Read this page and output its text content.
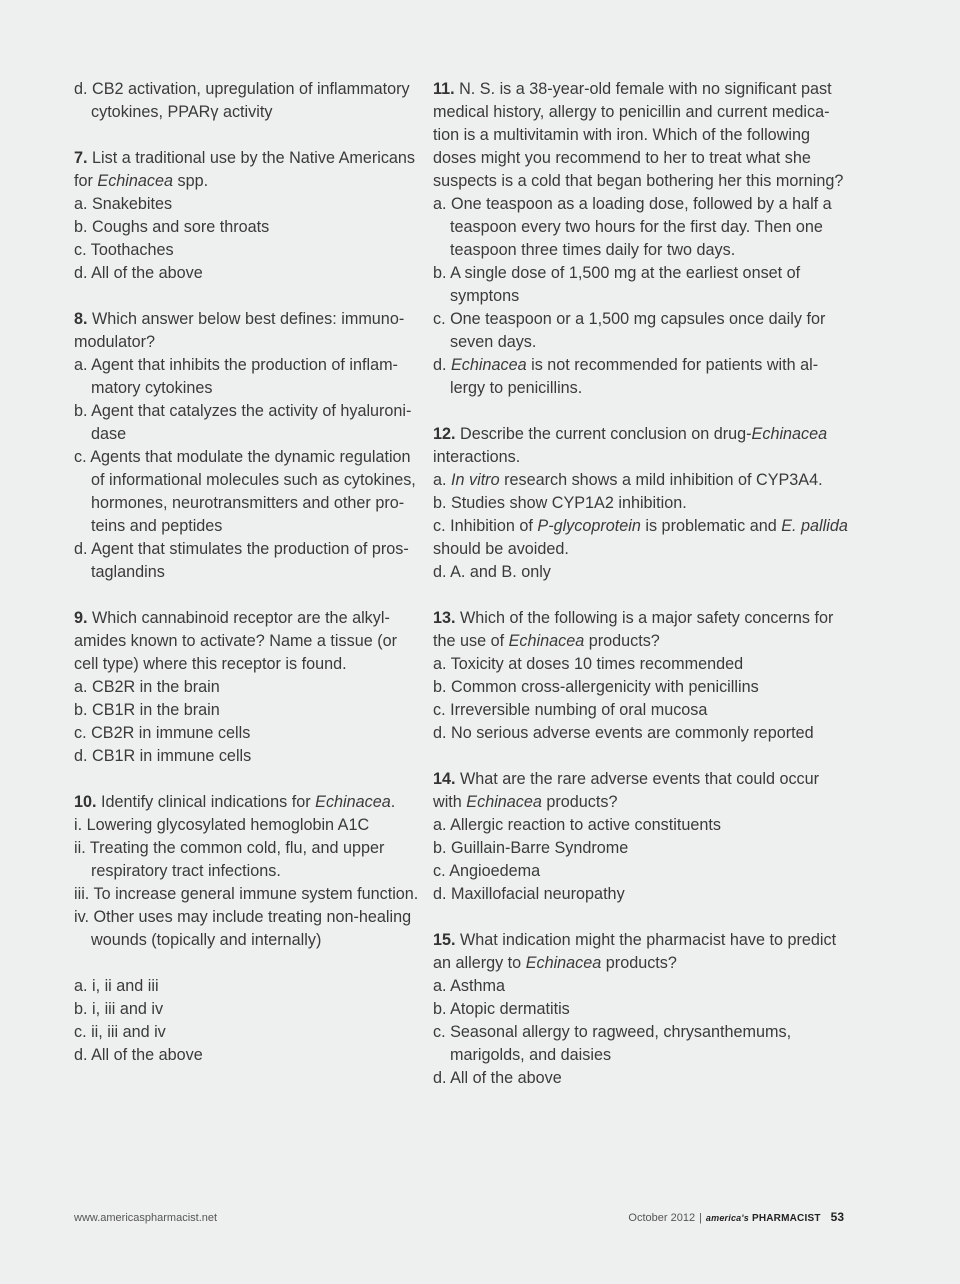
d. CB2 activation, upregulation of inflammatory
cytokines, PPARγ activity
7. List a traditional use by the Native Americans
for Echinacea spp.
a. Snakebites
b. Coughs and sore throats
c. Toothaches
d. All of the above
8. Which answer below best defines: immuno-
modulator?
a. Agent that inhibits the production of inflam-
matory cytokines
b. Agent that catalyzes the activity of hyaluroni-
dase
c. Agents that modulate the dynamic regulation
of informational molecules such as cytokines,
hormones, neurotransmitters and other pro-
teins and peptides
d. Agent that stimulates the production of pros-
taglandins
9. Which cannabinoid receptor are the alkyl-
amides known to activate? Name a tissue (or
cell type) where this receptor is found.
a. CB2R in the brain
b. CB1R in the brain
c. CB2R in immune cells
d. CB1R in immune cells
10. Identify clinical indications for Echinacea.
i. Lowering glycosylated hemoglobin A1C
ii. Treating the common cold, flu, and upper
respiratory tract infections.
iii. To increase general immune system function.
iv. Other uses may include treating non-healing
wounds (topically and internally)
a. i, ii and iii
b. i, iii and iv
c. ii, iii and iv
d. All of the above
11. N. S. is a 38-year-old female with no significant past
medical history, allergy to penicillin and current medica-
tion is a multivitamin with iron. Which of the following
doses might you recommend to her to treat what she
suspects is a cold that began bothering her this morning?
a. One teaspoon as a loading dose, followed by a half a
teaspoon every two hours for the first day. Then one
teaspoon three times daily for two days.
b. A single dose of 1,500 mg at the earliest onset of
symptons
c. One teaspoon or a 1,500 mg capsules once daily for
seven days.
d. Echinacea is not recommended for patients with al-
lergy to penicillins.
12. Describe the current conclusion on drug-Echinacea
interactions.
a. In vitro research shows a mild inhibition of CYP3A4.
b. Studies show CYP1A2 inhibition.
c. Inhibition of P-glycoprotein is problematic and E. pallida
should be avoided.
d. A. and B. only
13. Which of the following is a major safety concerns for
the use of Echinacea products?
a. Toxicity at doses 10 times recommended
b. Common cross-allergenicity with penicillins
c. Irreversible numbing of oral mucosa
d. No serious adverse events are commonly reported
14. What are the rare adverse events that could occur
with Echinacea products?
a. Allergic reaction to active constituents
b. Guillain-Barre Syndrome
c. Angioedema
d. Maxillofacial neuropathy
15. What indication might the pharmacist have to predict
an allergy to Echinacea products?
a. Asthma
b. Atopic dermatitis
c. Seasonal allergy to ragweed, chrysanthemums,
marigolds, and daisies
d. All of the above
www.americaspharmacist.net	October 2012 | america's PHARMACIST 53
